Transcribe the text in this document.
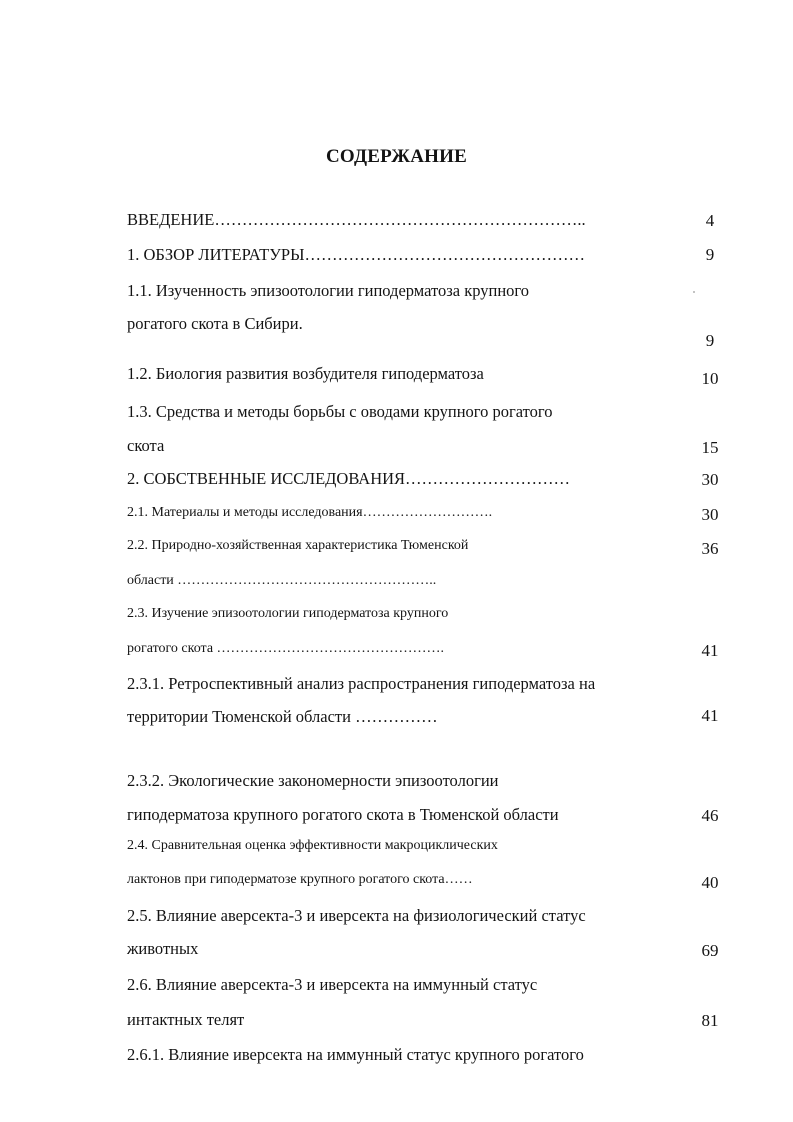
СОДЕРЖАНИЕ
ВВЕДЕНИЕ…………………………………………………………..
1. ОБЗОР ЛИТЕРАТУРЫ……………………………………………
1.1. Изученность эпизоотологии гиподерматоза крупного
рогатого скота в Сибири.
1.2. Биология развития возбудителя гиподерматоза
1.3. Средства и методы борьбы с оводами крупного рогатого
скота
2. СОБСТВЕННЫЕ ИССЛЕДОВАНИЯ…………………………
2.1. Материалы и методы исследования……………………….
2.2. Природно-хозяйственная характеристика Тюменской
области ………………………………………………..
2.3. Изучение эпизоотологии гиподерматоза крупного
рогатого скота ………………………………………….
2.3.1. Ретроспективный анализ распространения гиподерматоза на
территории Тюменской области ……………
2.3.2. Экологические закономерности эпизоотологии
гиподерматоза крупного рогатого скота в Тюменской области
2.4. Сравнительная оценка эффективности макроциклических
лактонов при гиподерматозе крупного рогатого скота……
2.5. Влияние аверсекта-3 и иверсекта на физиологический статус
животных
2.6. Влияние аверсекта-3 и иверсекта на иммунный статус
интактных телят
2.6.1. Влияние иверсекта на иммунный статус крупного рогатого
4
9
9
10
15
30
30
36
41
41
46
40
69
81
